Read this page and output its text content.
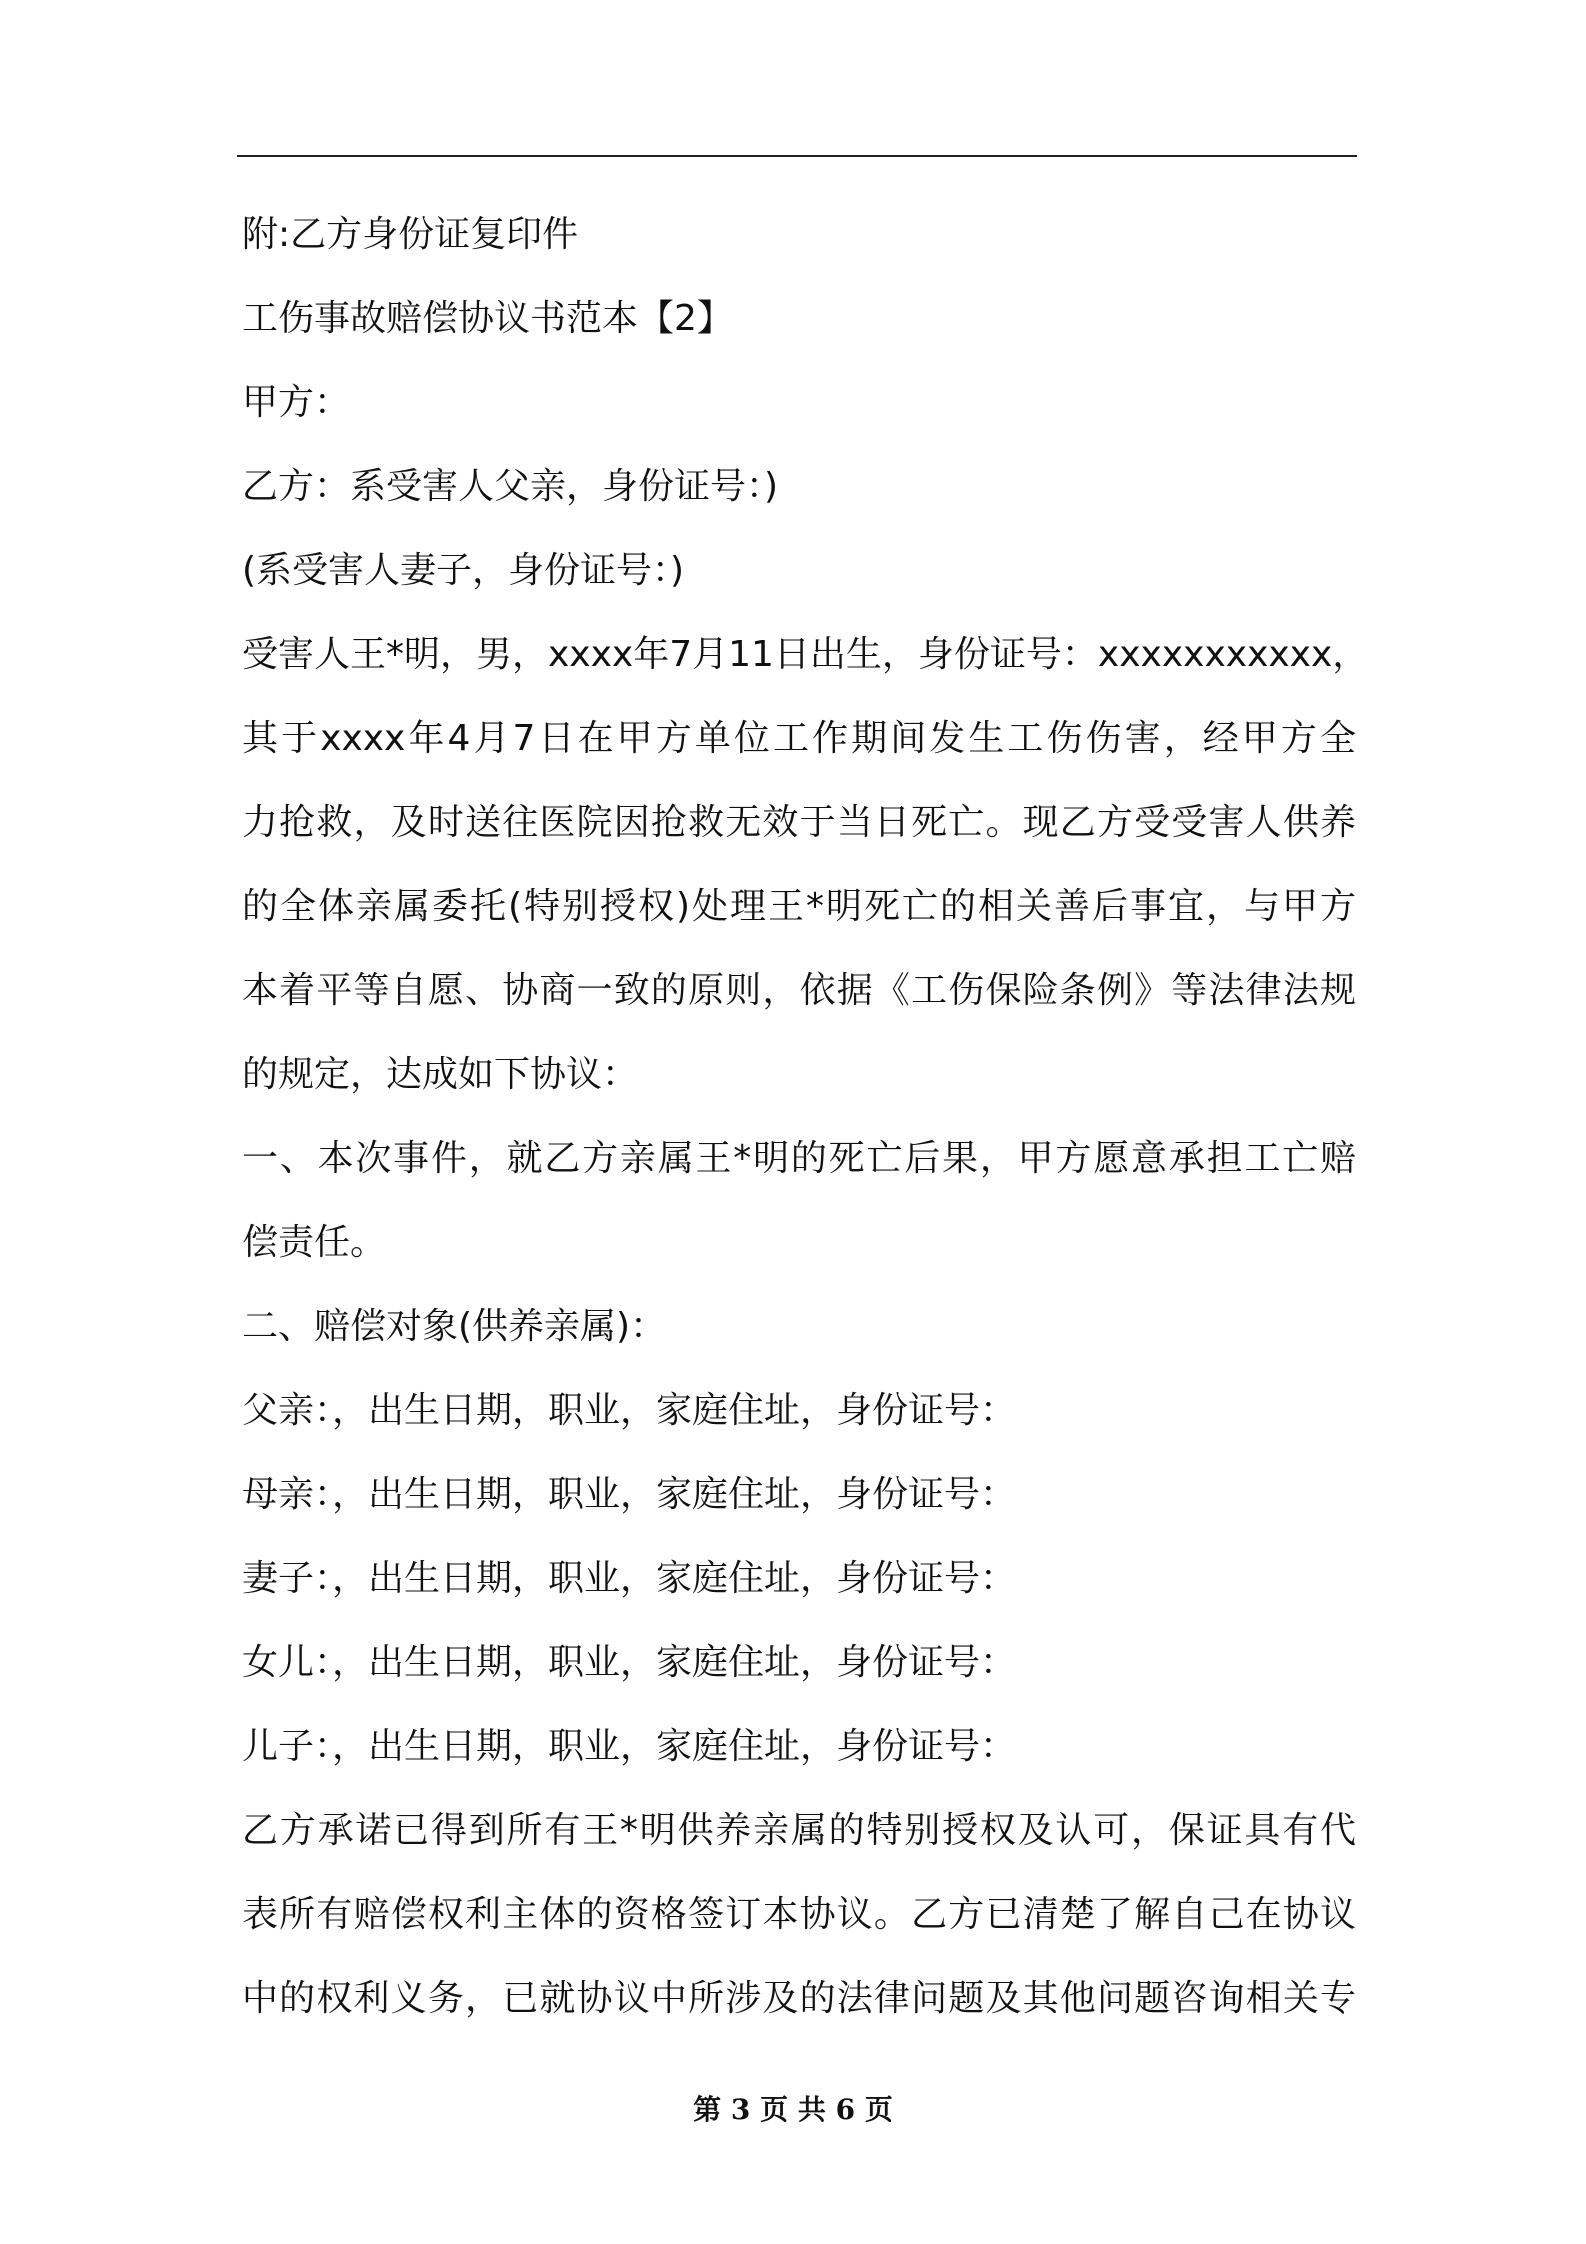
附:乙方身份证复印件
工伤事故赔偿协议书范本【2】
甲方：
乙方：系受害人父亲，身份证号：)
(系受害人妻子，身份证号：)
受害人王*明，男，xxxx年7月11日出生，身份证号：xxxxxxxxxxx，
其于xxxx年4月7日在甲方单位工作期间发生工伤伤害，经甲方全
力抢救，及时送往医院因抢救无效于当日死亡。现乙方受受害人供养
的全体亲属委托(特别授权)处理王*明死亡的相关善后事宜，与甲方
本着平等自愿、协商一致的原则，依据《工伤保险条例》等法律法规
的规定，达成如下协议：
一、本次事件，就乙方亲属王*明的死亡后果，甲方愿意承担工亡赔
偿责任。
二、赔偿对象(供养亲属)：
父亲：，出生日期，职业，家庭住址，身份证号：
母亲：，出生日期，职业，家庭住址，身份证号：
妻子：，出生日期，职业，家庭住址，身份证号：
女儿：，出生日期，职业，家庭住址，身份证号：
儿子：，出生日期，职业，家庭住址，身份证号：
乙方承诺已得到所有王*明供养亲属的特别授权及认可，保证具有代
表所有赔偿权利主体的资格签订本协议。乙方已清楚了解自己在协议
中的权利义务，已就协议中所涉及的法律问题及其他问题咨询相关专
第 3 页 共 6 页
